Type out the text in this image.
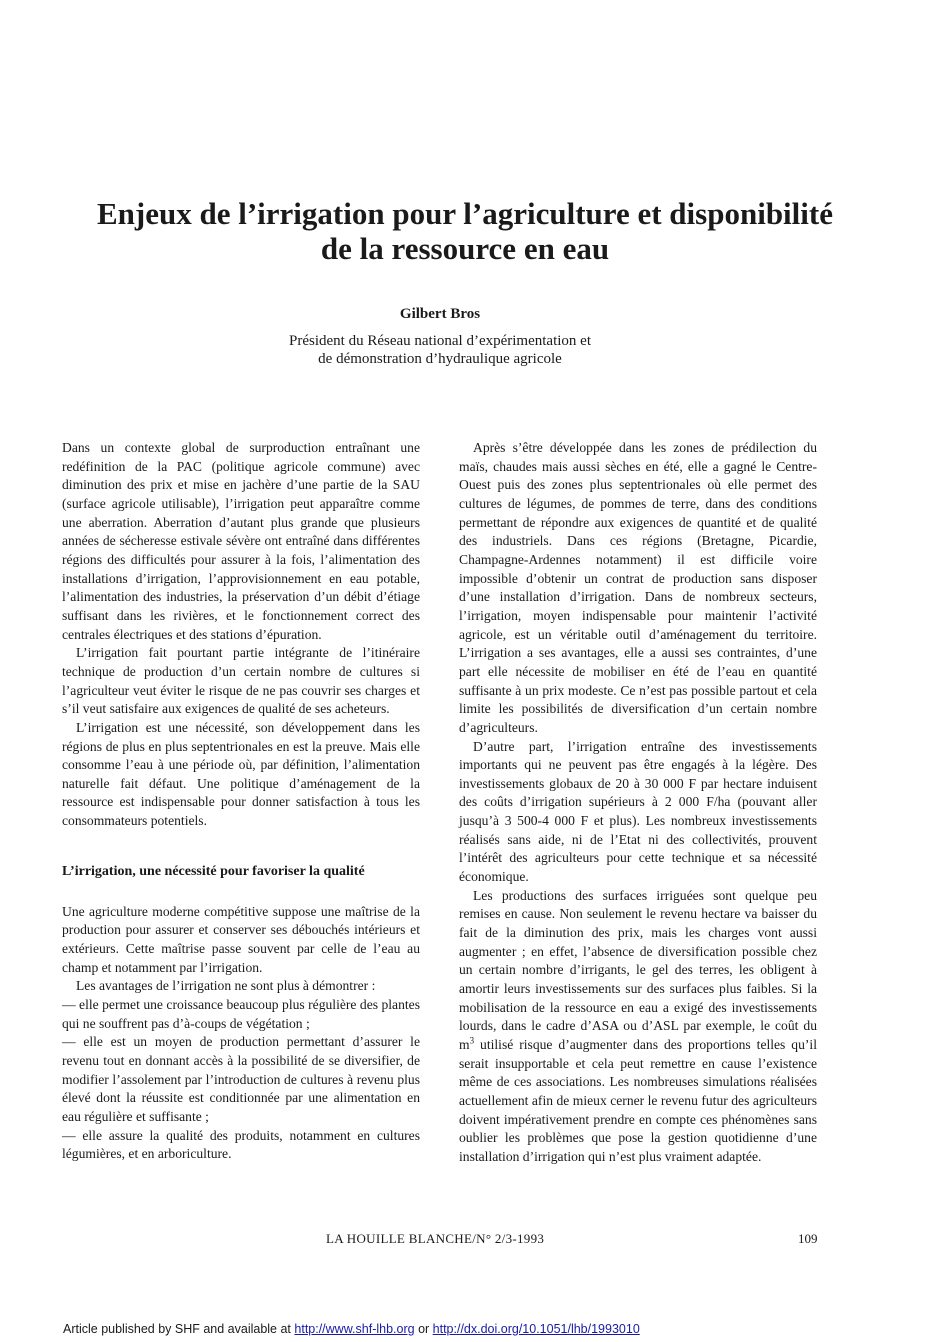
Enjeux de l’irrigation pour l’agriculture et disponibilité
de la ressource en eau
Gilbert Bros
Président du Réseau national d’expérimentation et
de démonstration d’hydraulique agricole

Dans un contexte global de surproduction entraînant une redéfinition de la PAC (politique agricole commune) avec diminution des prix et mise en jachère d’une partie de la SAU (surface agricole utilisable), l’irrigation peut apparaître comme une aberration. Aberration d’autant plus grande que plusieurs années de sécheresse estivale sévère ont entraîné dans différentes régions des difficultés pour assurer à la fois, l’alimentation des installations d’irrigation, l’approvisionnement en eau potable, l’alimentation des industries, la préservation d’un débit d’étiage suffisant dans les rivières, et le fonctionnement correct des centrales électriques et des stations d’épuration.

L’irrigation fait pourtant partie intégrante de l’itinéraire technique de production d’un certain nombre de cultures si l’agriculteur veut éviter le risque de ne pas couvrir ses charges et s’il veut satisfaire aux exigences de qualité de ses acheteurs.

L’irrigation est une nécessité, son développement dans les régions de plus en plus septentrionales en est la preuve. Mais elle consomme l’eau à une période où, par définition, l’alimentation naturelle fait défaut. Une politique d’aménagement de la ressource est indispensable pour donner satisfaction à tous les consommateurs potentiels.

L’irrigation, une nécessité pour favoriser la qualité

Une agriculture moderne compétitive suppose une maîtrise de la production pour assurer et conserver ses débouchés intérieurs et extérieurs. Cette maîtrise passe souvent par celle de l’eau au champ et notamment par l’irrigation.

Les avantages de l’irrigation ne sont plus à démontrer :

— elle permet une croissance beaucoup plus régulière des plantes qui ne souffrent pas d’à-coups de végétation ;

— elle est un moyen de production permettant d’assurer le revenu tout en donnant accès à la possibilité de se diversifier, de modifier l’assolement par l’introduction de cultures à revenu plus élevé dont la réussite est conditionnée par une alimentation en eau régulière et suffisante ;

— elle assure la qualité des produits, notamment en cultures légumières, et en arboriculture.

Après s’être développée dans les zones de prédilection du maïs, chaudes mais aussi sèches en été, elle a gagné le Centre-Ouest puis des zones plus septentrionales où elle permet des cultures de légumes, de pommes de terre, dans des conditions permettant de répondre aux exigences de quantité et de qualité des industriels. Dans ces régions (Bretagne, Picardie, Champagne-Ardennes notamment) il est difficile voire impossible d’obtenir un contrat de production sans disposer d’une installation d’irrigation. Dans de nombreux secteurs, l’irrigation, moyen indispensable pour maintenir l’activité agricole, est un véritable outil d’aménagement du territoire. L’irrigation a ses avantages, elle a aussi ses contraintes, d’une part elle nécessite de mobiliser en été de l’eau en quantité suffisante à un prix modeste. Ce n’est pas possible partout et cela limite les possibilités de diversification d’un certain nombre d’agriculteurs.

D’autre part, l’irrigation entraîne des investissements importants qui ne peuvent pas être engagés à la légère. Des investissements globaux de 20 à 30 000 F par hectare induisent des coûts d’irrigation supérieurs à 2 000 F/ha (pouvant aller jusqu’à 3 500-4 000 F et plus). Les nombreux investissements réalisés sans aide, ni de l’Etat ni des collectivités, prouvent l’intérêt des agriculteurs pour cette technique et sa nécessité économique.

Les productions des surfaces irriguées sont quelque peu remises en cause. Non seulement le revenu hectare va baisser du fait de la diminution des prix, mais les charges vont aussi augmenter ; en effet, l’absence de diversification possible chez un certain nombre d’irrigants, le gel des terres, les obligent à amortir leurs investissements sur des surfaces plus faibles. Si la mobilisation de la ressource en eau a exigé des investissements lourds, dans le cadre d’ASA ou d’ASL par exemple, le coût du $m^3$ utilisé risque d’augmenter dans des proportions telles qu’il serait insupportable et cela peut remettre en cause l’existence même de ces associations. Les nombreuses simulations réalisées actuellement afin de mieux cerner le revenu futur des agriculteurs doivent impérativement prendre en compte ces phénomènes sans oublier les problèmes que pose la gestion quotidienne d’une installation d’irrigation qui n’est plus vraiment adaptée.

LA HOUILLE BLANCHE/N° 2/3-1993	109
Article published by SHF and available at http://www.shf-lhb.org or http://dx.doi.org/10.1051/lhb/1993010
